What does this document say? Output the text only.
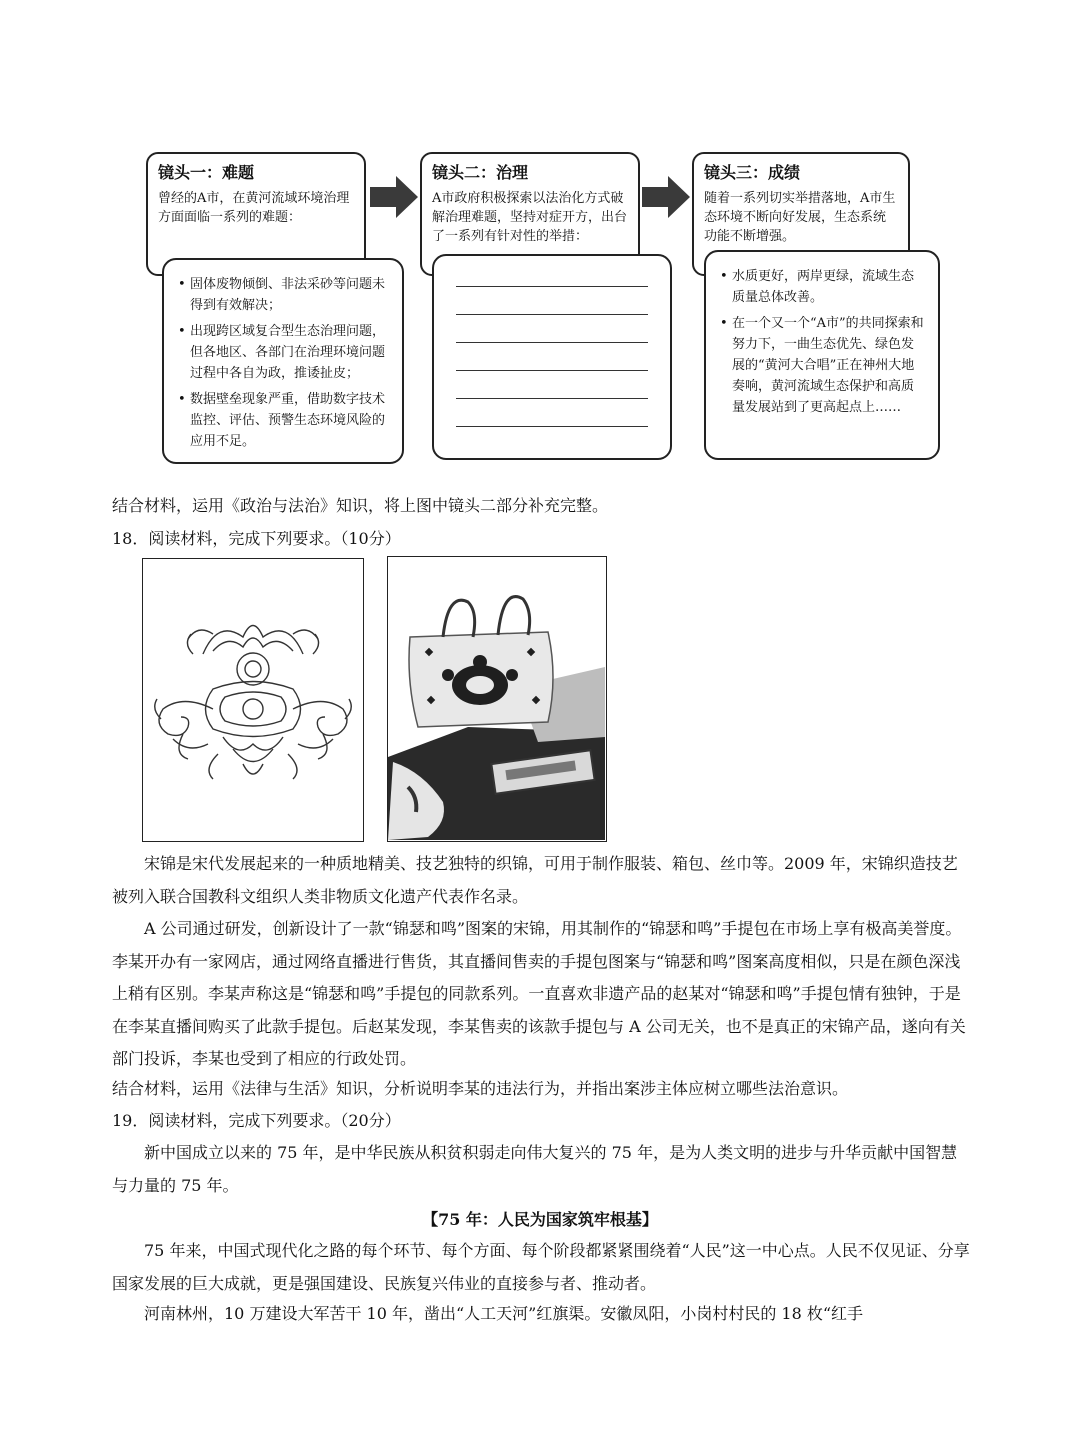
镜头一：难题
曾经的A市，在黄河流域环境治理方面面临一系列的难题：
• 固体废物倾倒、非法采砂等问题未得到有效解决；
• 出现跨区域复合型生态治理问题，但各地区、各部门在治理环境问题过程中各自为政，推诿扯皮；
• 数据壁垒现象严重，借助数字技术监控、评估、预警生态环境风险的应用不足。
镜头二：治理
A市政府积极探索以法治化方式破解治理难题，坚持对症开方，出台了一系列有针对性的举措：
镜头三：成绩
随着一系列切实举措落地，A市生态环境不断向好发展，生态系统功能不断增强。
• 水质更好，两岸更绿，流域生态质量总体改善。
• 在一个又一个“A市”的共同探索和努力下，一曲生态优先、绿色发展的“黄河大合唱”正在神州大地奏响，黄河流域生态保护和高质量发展站到了更高起点上……
结合材料，运用《政治与法治》知识，将上图中镜头二部分补充完整。
18．阅读材料，完成下列要求。（10分）
宋锦是宋代发展起来的一种质地精美、技艺独特的织锦，可用于制作服装、箱包、丝巾等。2009 年，宋锦织造技艺被列入联合国教科文组织人类非物质文化遗产代表作名录。
A 公司通过研发，创新设计了一款“锦瑟和鸣”图案的宋锦，用其制作的“锦瑟和鸣”手提包在市场上享有极高美誉度。李某开办有一家网店，通过网络直播进行售货，其直播间售卖的手提包图案与“锦瑟和鸣”图案高度相似，只是在颜色深浅上稍有区别。李某声称这是“锦瑟和鸣”手提包的同款系列。一直喜欢非遗产品的赵某对“锦瑟和鸣”手提包情有独钟，于是在李某直播间购买了此款手提包。后赵某发现，李某售卖的该款手提包与 A 公司无关，也不是真正的宋锦产品，遂向有关部门投诉，李某也受到了相应的行政处罚。
结合材料，运用《法律与生活》知识，分析说明李某的违法行为，并指出案涉主体应树立哪些法治意识。
19．阅读材料，完成下列要求。（20分）
新中国成立以来的 75 年，是中华民族从积贫积弱走向伟大复兴的 75 年，是为人类文明的进步与升华贡献中国智慧与力量的 75 年。
【75 年：人民为国家筑牢根基】
75 年来，中国式现代化之路的每个环节、每个方面、每个阶段都紧紧围绕着“人民”这一中心点。人民不仅见证、分享国家发展的巨大成就，更是强国建设、民族复兴伟业的直接参与者、推动者。
河南林州，10 万建设大军苦干 10 年，凿出“人工天河”红旗渠。安徽凤阳，小岗村村民的 18 枚“红手
